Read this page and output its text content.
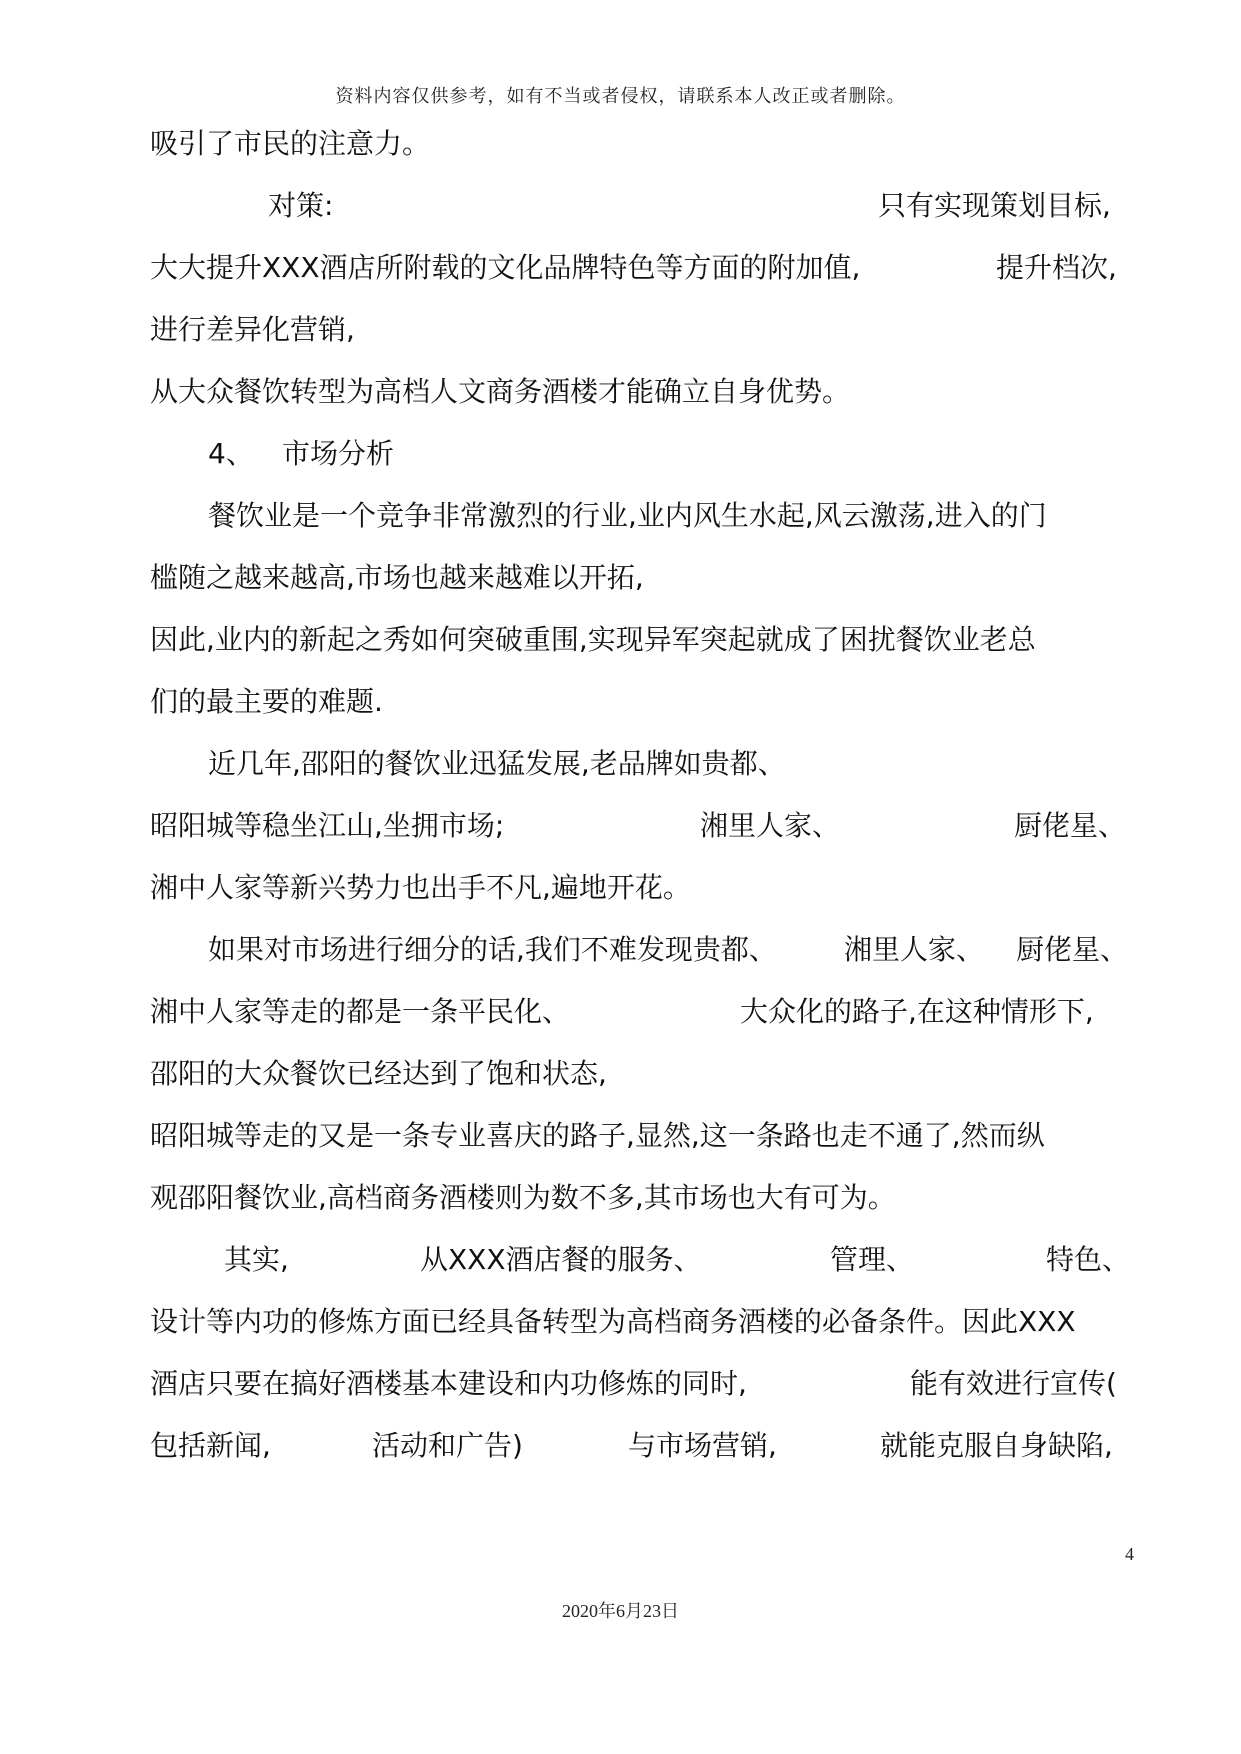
资料内容仅供参考，如有不当或者侵权，请联系本人改正或者删除。
吸引了市民的注意力。
对策:	只有实现策划目标,
大大提升XXX酒店所附载的文化品牌特色等方面的附加值,	提升档次,
进行差异化营销,
从大众餐饮转型为高档人文商务酒楼才能确立自身优势。
4、 市场分析
餐饮业是一个竞争非常激烈的行业,业内风生水起,风云激荡,进入的门
槛随之越来越高,市场也越来越难以开拓,
因此,业内的新起之秀如何突破重围,实现异军突起就成了困扰餐饮业老总
们的最主要的难题.
近几年,邵阳的餐饮业迅猛发展,老品牌如贵都、
昭阳城等稳坐江山,坐拥市场;	湘里人家、	厨佬星、
湘中人家等新兴势力也出手不凡,遍地开花。
如果对市场进行细分的话,我们不难发现贵都、 湘里人家、 厨佬星、
湘中人家等走的都是一条平民化、	大众化的路子,在这种情形下,
邵阳的大众餐饮已经达到了饱和状态,
昭阳城等走的又是一条专业喜庆的路子,显然,这一条路也走不通了,然而纵
观邵阳餐饮业,高档商务酒楼则为数不多,其市场也大有可为。
其实,	从XXX酒店餐的服务、	管理、	特色、
设计等内功的修炼方面已经具备转型为高档商务酒楼的必备条件。因此XXX
酒店只要在搞好酒楼基本建设和内功修炼的同时,	能有效进行宣传(
包括新闻,	活动和广告)	与市场营销,	就能克服自身缺陷,
4
2020年6月23日
